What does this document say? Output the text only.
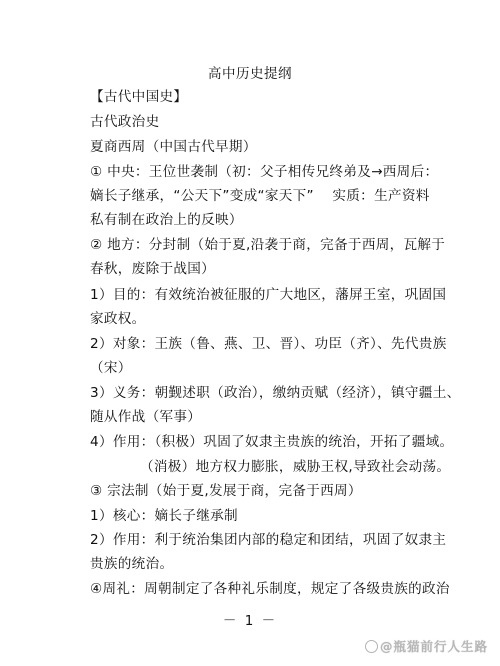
高中历史提纲
【古代中国史】
古代政治史
夏商西周（中国古代早期）
① 中央：王位世袭制（初：父子相传兄终弟及→西周后：
嫡长子继承，“公天下”变成“家天下”　 实质：生产资料
私有制在政治上的反映）
② 地方：分封制（始于夏,沿袭于商，完备于西周，瓦解于
春秋，废除于战国）
1）目的：有效统治被征服的广大地区，藩屏王室，巩固国
家政权。
2）对象：王族（鲁、燕、卫、晋）、功臣（齐）、先代贵族
（宋）
3）义务：朝觐述职（政治），缴纳贡赋（经济），镇守疆土、
随从作战（军事）
4）作用：（积极）巩固了奴隶主贵族的统治，开拓了疆域。
（消极）地方权力膨胀，威胁王权,导致社会动荡。
③ 宗法制（始于夏,发展于商，完备于西周）
1）核心：嫡长子继承制
2）作用：利于统治集团内部的稳定和团结，巩固了奴隶主
贵族的统治。
④周礼：周朝制定了各种礼乐制度，规定了各级贵族的政治
－ 1 －
@瓶猫前行人生路
